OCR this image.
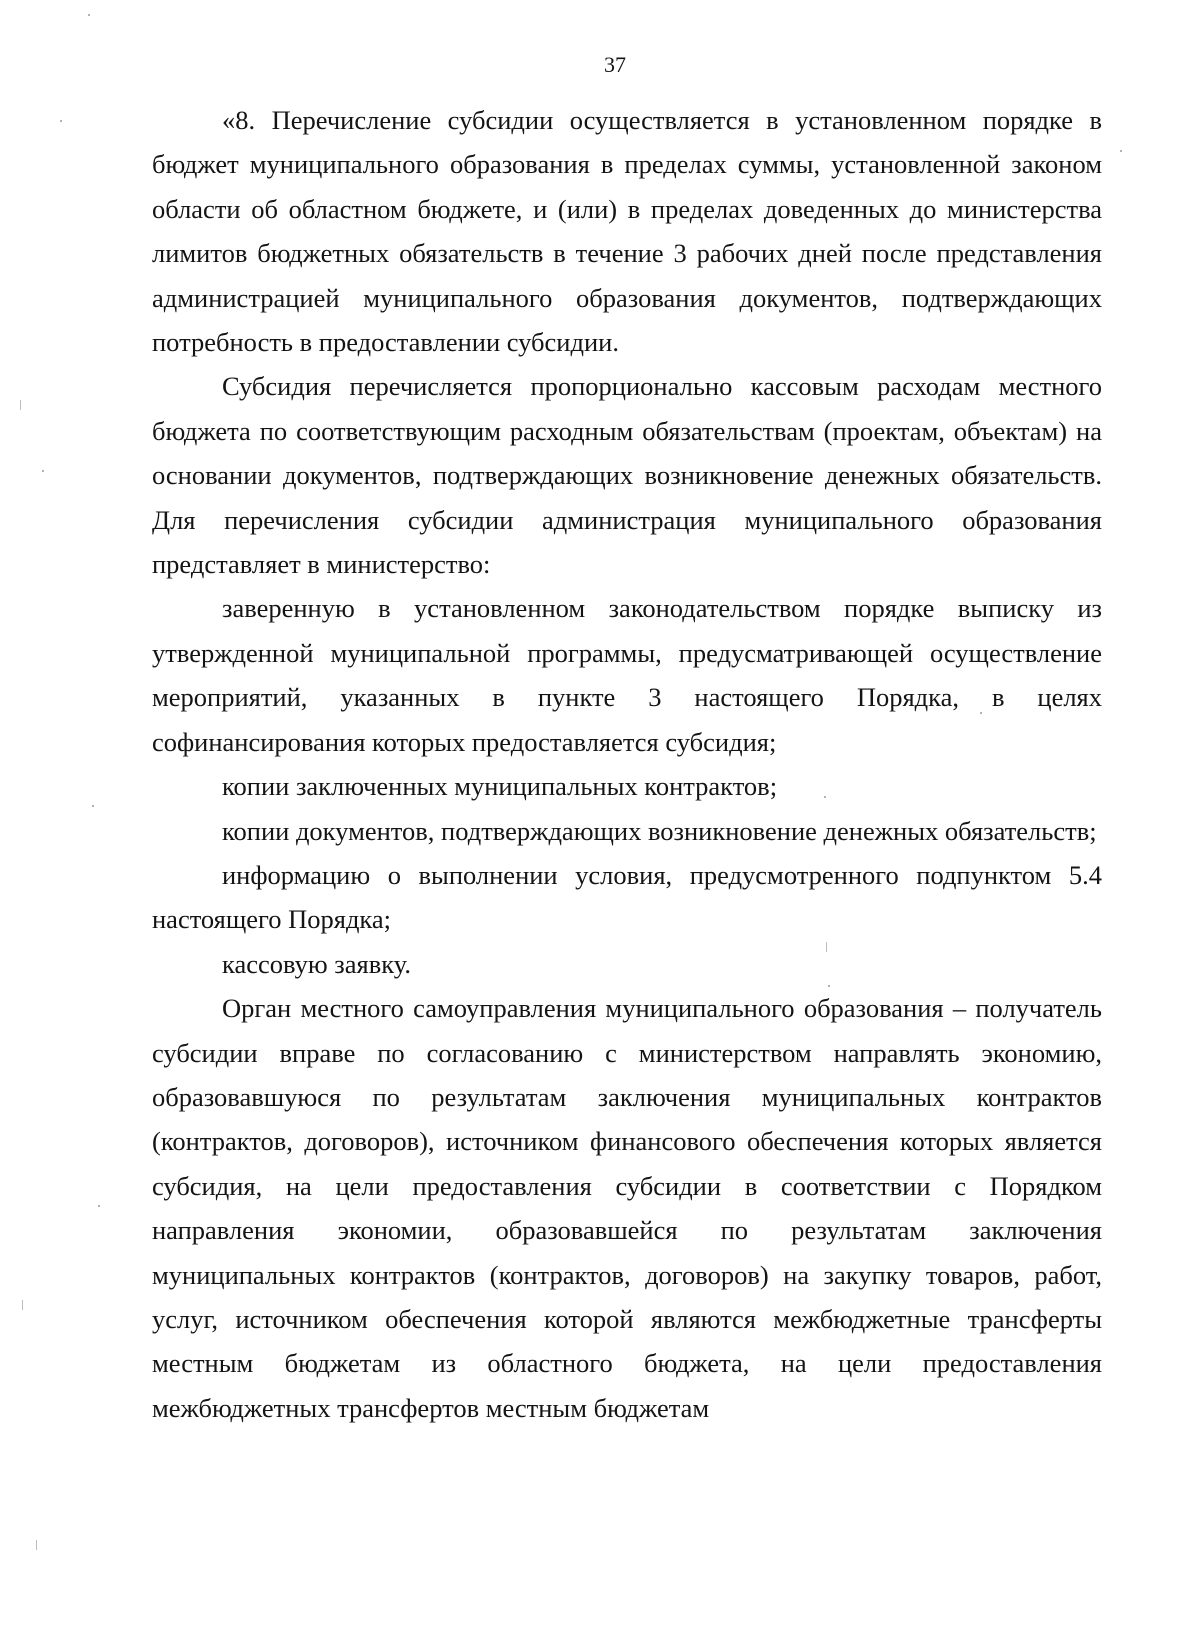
37

«8. Перечисление субсидии осуществляется в установленном порядке в бюджет муниципального образования в пределах суммы, установленной законом области об областном бюджете, и (или) в пределах доведенных до министерства лимитов бюджетных обязательств в течение 3 рабочих дней после представления администрацией муниципального образования документов, подтверждающих потребность в предоставлении субсидии.

Субсидия перечисляется пропорционально кассовым расходам местного бюджета по соответствующим расходным обязательствам (проектам, объектам) на основании документов, подтверждающих возникновение денежных обязательств. Для перечисления субсидии администрация муниципального образования представляет в министерство:

заверенную в установленном законодательством порядке выписку из утвержденной муниципальной программы, предусматривающей осуществление мероприятий, указанных в пункте 3 настоящего Порядка, в целях софинансирования которых предоставляется субсидия;

копии заключенных муниципальных контрактов;

копии документов, подтверждающих возникновение денежных обязательств;

информацию о выполнении условия, предусмотренного подпунктом 5.4 настоящего Порядка;

кассовую заявку.

Орган местного самоуправления муниципального образования – получатель субсидии вправе по согласованию с министерством направлять экономию, образовавшуюся по результатам заключения муниципальных контрактов (контрактов, договоров), источником финансового обеспечения которых является субсидия, на цели предоставления субсидии в соответствии с Порядком направления экономии, образовавшейся по результатам заключения муниципальных контрактов (контрактов, договоров) на закупку товаров, работ, услуг, источником обеспечения которой являются межбюджетные трансферты местным бюджетам из областного бюджета, на цели предоставления межбюджетных трансфертов местным бюджетам
